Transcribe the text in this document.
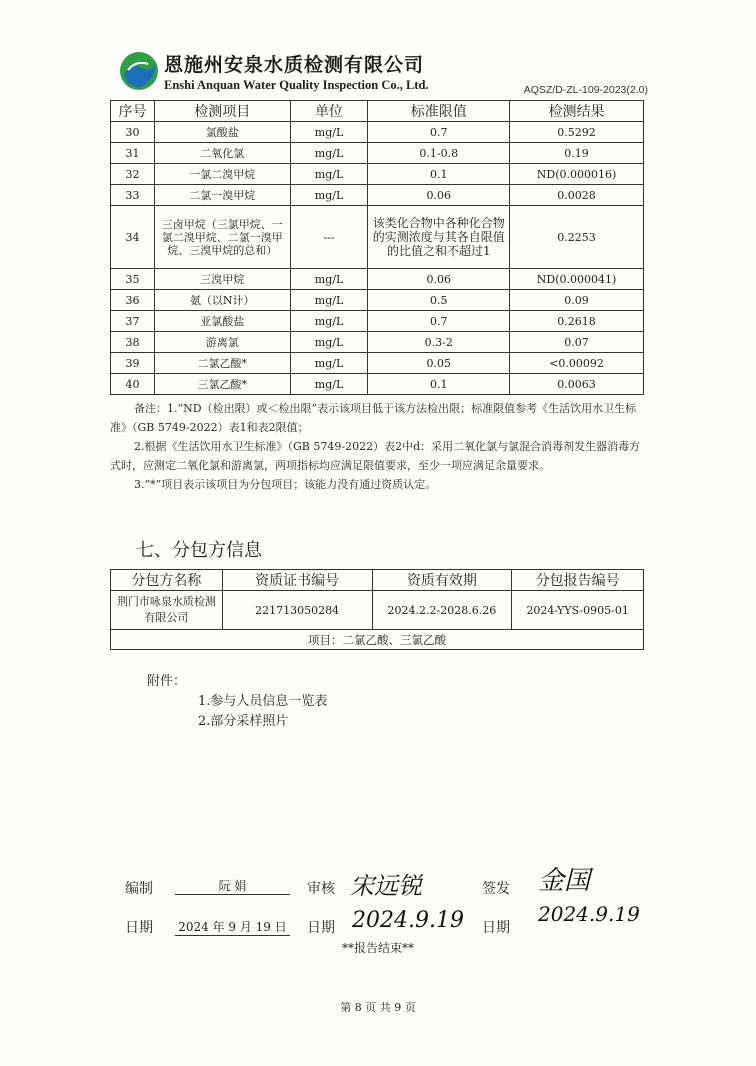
恩施州安泉水质检测有限公司
Enshi Anquan Water Quality Inspection Co., Ltd.	AQSZ/D-ZL-109-2023(2.0)
序号	检测项目	单位	标准限值	检测结果
30	氯酸盐	mg/L	0.7	0.5292
31	二氧化氯	mg/L	0.1-0.8	0.19
32	一氯二溴甲烷	mg/L	0.1	ND(0.000016)
33	二氯一溴甲烷	mg/L	0.06	0.0028
34	三卤甲烷（三氯甲烷、一氯二溴甲烷、二氯一溴甲烷、三溴甲烷的总和）	---	该类化合物中各种化合物的实测浓度与其各自限值的比值之和不超过1	0.2253
35	三溴甲烷	mg/L	0.06	ND(0.000041)
36	氨（以N计）	mg/L	0.5	0.09
37	亚氯酸盐	mg/L	0.7	0.2618
38	游离氯	mg/L	0.3-2	0.07
39	二氯乙酸*	mg/L	0.05	<0.00092
40	三氯乙酸*	mg/L	0.1	0.0063

备注：1.“ND（检出限）或＜检出限”表示该项目低于该方法检出限；标准限值参考《生活饮用水卫生标准》（GB 5749-2022）表1和表2限值；

2.根据《生活饮用水卫生标准》（GB 5749-2022）表2中d：采用二氧化氯与氯混合消毒剂发生器消毒方式时，应测定二氧化氯和游离氯，两项指标均应满足限值要求，至少一项应满足余量要求。

3.“*”项目表示该项目为分包项目；该能力没有通过资质认定。

七、分包方信息
分包方名称	资质证书编号	资质有效期	分包报告编号
荆门市咏泉水质检测有限公司	221713050284	2024.2.2-2028.6.26	2024-YYS-0905-01
项目：二氯乙酸、三氯乙酸			
附件：
1.参与人员信息一览表
2.部分采样照片
编制	阮 娟	审核 宋远锐	签发 金国
日期 2024 年 9 月 19 日 日期 2024.9.19 日期
2024.9.19
**报告结束**
第 8 页 共 9 页
